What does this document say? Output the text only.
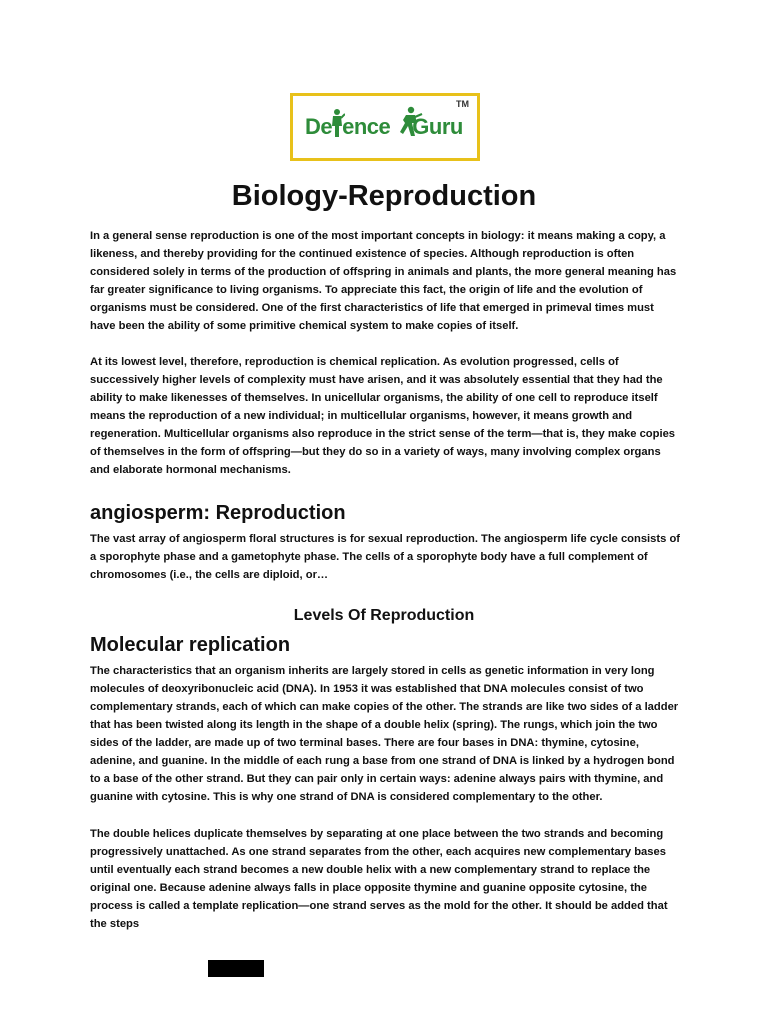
TM
De ence Guru
Biology-Reproduction

In a general sense reproduction is one of the most important concepts in biology: it means making a copy, a likeness, and thereby providing for the continued existence of species. Although reproduction is often considered solely in terms of the production of offspring in animals and plants, the more general meaning has far greater significance to living organisms. To appreciate this fact, the origin of life and the evolution of organisms must be considered. One of the first characteristics of life that emerged in primeval times must have been the ability of some primitive chemical system to make copies of itself.

At its lowest level, therefore, reproduction is chemical replication. As evolution progressed, cells of successively higher levels of complexity must have arisen, and it was absolutely essential that they had the ability to make likenesses of themselves. In unicellular organisms, the ability of one cell to reproduce itself means the reproduction of a new individual; in multicellular organisms, however, it means growth and regeneration. Multicellular organisms also reproduce in the strict sense of the term—that is, they make copies of themselves in the form of offspring—but they do so in a variety of ways, many involving complex organs and elaborate hormonal mechanisms.

angiosperm: Reproduction

The vast array of angiosperm floral structures is for sexual reproduction. The angiosperm life cycle consists of a sporophyte phase and a gametophyte phase. The cells of a sporophyte body have a full complement of chromosomes (i.e., the cells are diploid, or…

Levels Of Reproduction
Molecular replication

The characteristics that an organism inherits are largely stored in cells as genetic information in very long molecules of deoxyribonucleic acid (DNA). In 1953 it was established that DNA molecules consist of two complementary strands, each of which can make copies of the other. The strands are like two sides of a ladder that has been twisted along its length in the shape of a double helix (spring). The rungs, which join the two sides of the ladder, are made up of two terminal bases. There are four bases in DNA: thymine, cytosine, adenine, and guanine. In the middle of each rung a base from one strand of DNA is linked by a hydrogen bond to a base of the other strand. But they can pair only in certain ways: adenine always pairs with thymine, and guanine with cytosine. This is why one strand of DNA is considered complementary to the other.

The double helices duplicate themselves by separating at one place between the two strands and becoming progressively unattached. As one strand separates from the other, each acquires new complementary bases until eventually each strand becomes a new double helix with a new complementary strand to replace the original one. Because adenine always falls in place opposite thymine and guanine opposite cytosine, the process is called a template replication—one strand serves as the mold for the other. It should be added that the steps
